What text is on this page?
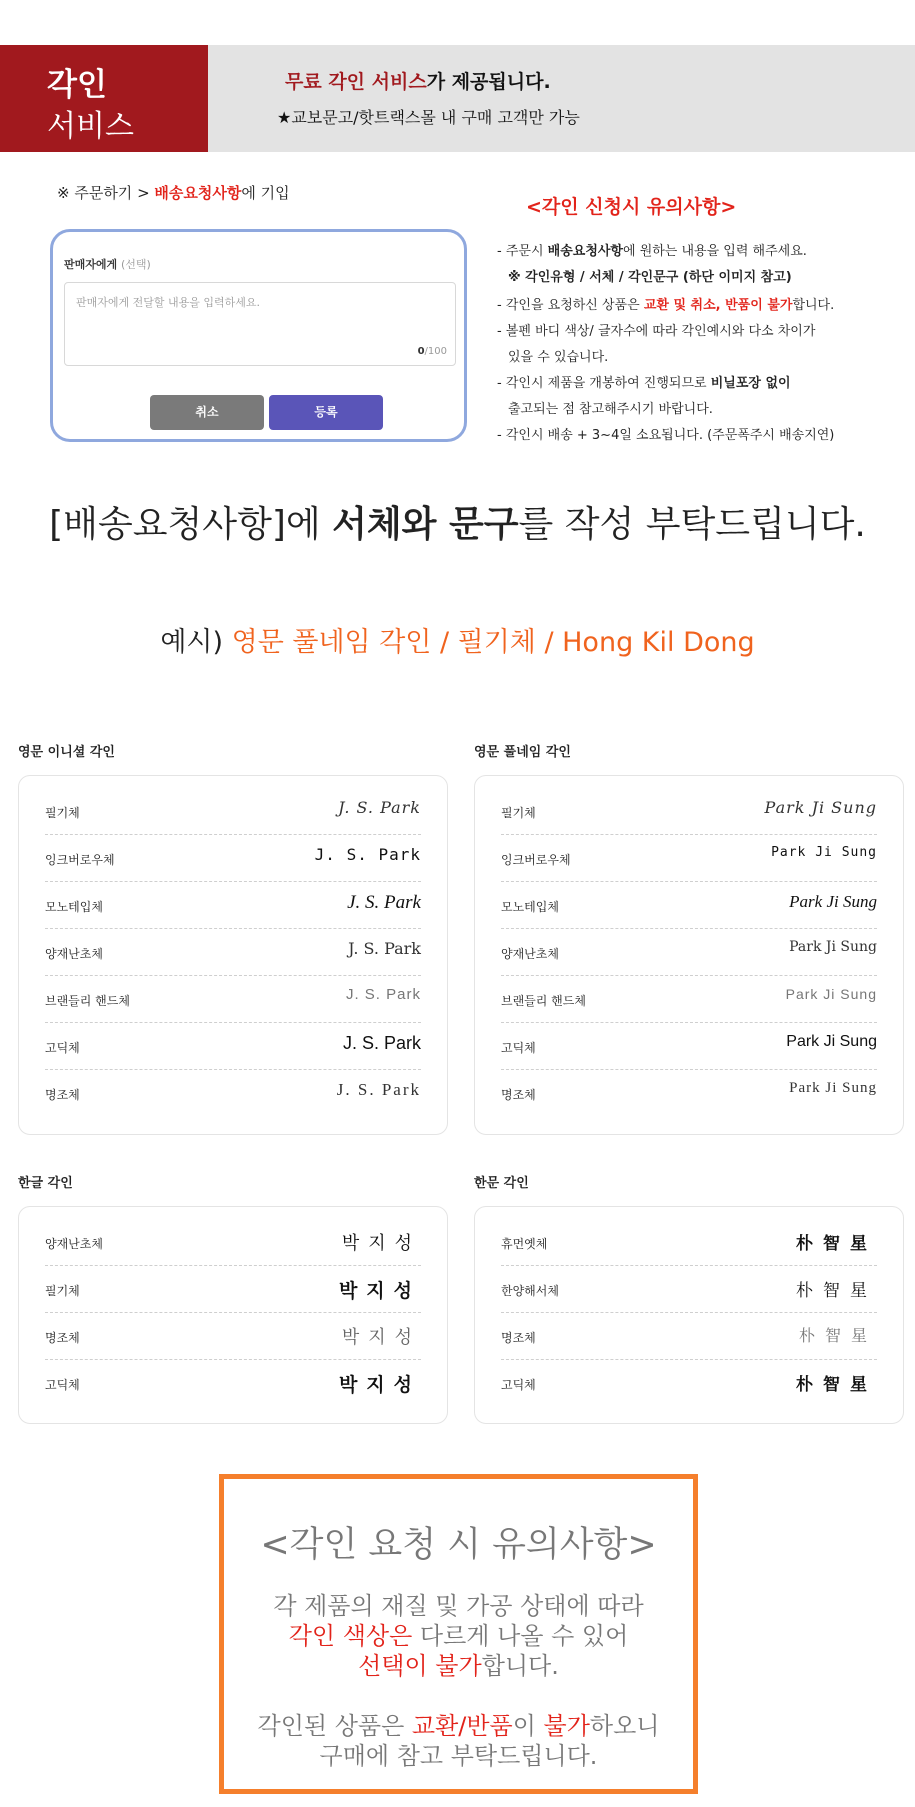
각인
서비스
무료 각인 서비스가 제공됩니다.
★교보문고/핫트랙스몰 내 구매 고객만 가능
※ 주문하기 > 배송요청사항에 기입
판매자에게 (선택)
판매자에게 전달할 내용을 입력하세요.
0/100
취소	등록
<각인 신청시 유의사항>
- 주문시 배송요청사항에 원하는 내용을 입력 해주세요.
※ 각인유형 / 서체 / 각인문구 (하단 이미지 참고)
- 각인을 요청하신 상품은 교환 및 취소, 반품이 불가합니다.
- 볼펜 바디 색상/ 글자수에 따라 각인예시와 다소 차이가
있을 수 있습니다.
- 각인시 제품을 개봉하여 진행되므로 비닐포장 없이
출고되는 점 참고해주시기 바랍니다.
- 각인시 배송 + 3~4일 소요됩니다. (주문폭주시 배송지연)
[배송요청사항]에 서체와 문구를 작성 부탁드립니다.
예시) 영문 풀네임 각인 / 필기체 / Hong Kil Dong
영문 이니셜 각인
필기체	J. S. Park
잉크버로우체	J. S. Park
모노테입체	J. S. Park
양재난초체	J. S. Park
브랜들리 핸드체	J. S. Park
고딕체	J. S. Park
명조체	J. S. Park
영문 풀네임 각인
필기체	Park Ji Sung
잉크버로우체	Park Ji Sung
모노테입체	Park Ji Sung
양재난초체	Park Ji Sung
브랜들리 핸드체	Park Ji Sung
고딕체	Park Ji Sung
명조체	Park Ji Sung
한글 각인
양재난초체	박지성
필기체	박지성
명조체	박지성
고딕체	박지성
한문 각인
휴먼옛체	朴智星
한양해서체	朴智星
명조체	朴智星
고딕체	朴智星
<각인 요청 시 유의사항>
각 제품의 재질 및 가공 상태에 따라
각인 색상은 다르게 나올 수 있어
선택이 불가합니다.
각인된 상품은 교환/반품이 불가하오니
구매에 참고 부탁드립니다.
